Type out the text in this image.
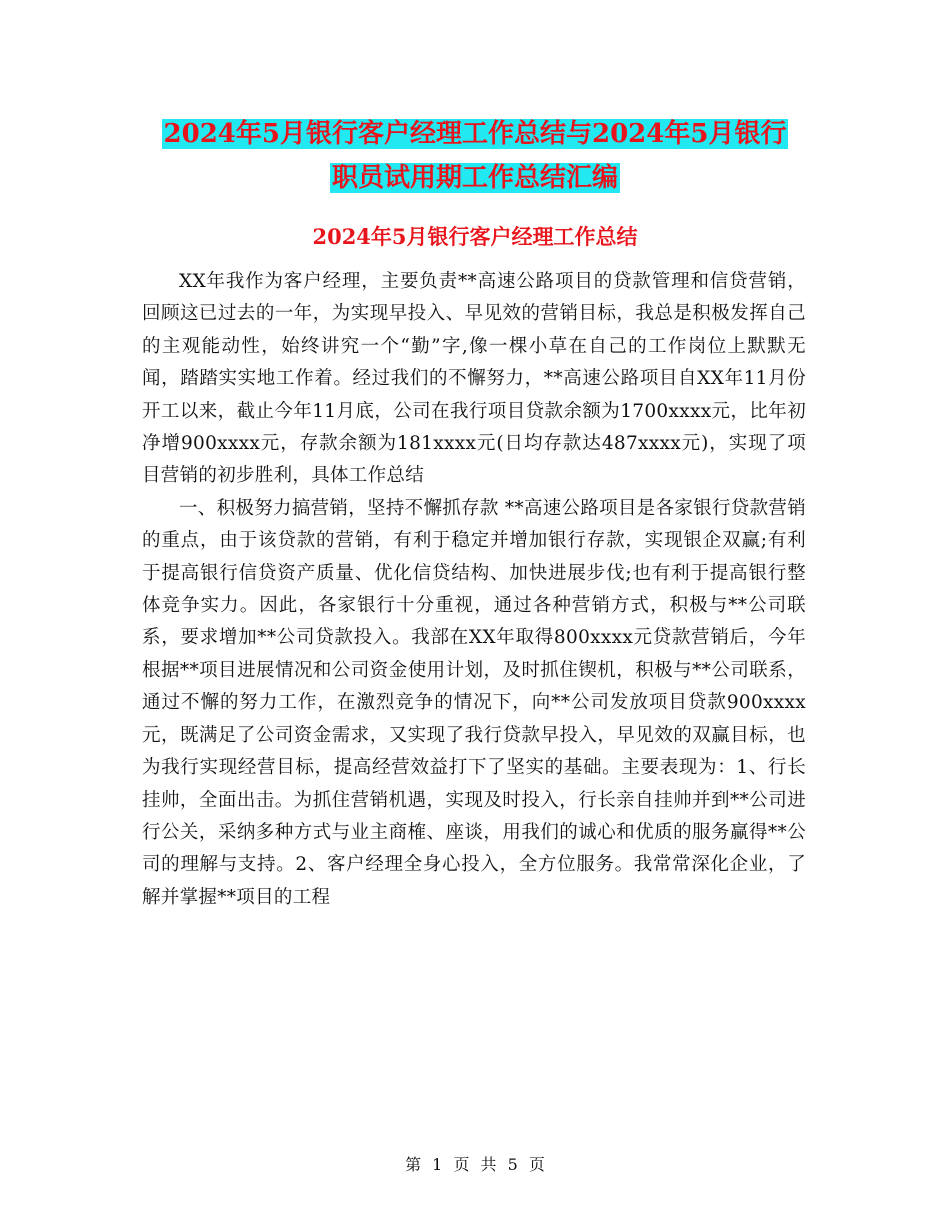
2024年5月银行客户经理工作总结与2024年5月银行
职员试用期工作总结汇编
2024年5月银行客户经理工作总结

XX年我作为客户经理，主要负责**高速公路项目的贷款管理和信贷营销，回顾这已过去的一年，为实现早投入、早见效的营销目标，我总是积极发挥自己的主观能动性，始终讲究一个“勤”字,像一棵小草在自己的工作岗位上默默无闻，踏踏实实地工作着。经过我们的不懈努力，**高速公路项目自XX年11月份开工以来，截止今年11月底，公司在我行项目贷款余额为1700xxxx元，比年初净增900xxxx元，存款余额为181xxxx元(日均存款达487xxxx元)，实现了项目营销的初步胜利，具体工作总结

一、积极努力搞营销，坚持不懈抓存款 **高速公路项目是各家银行贷款营销的重点，由于该贷款的营销，有利于稳定并增加银行存款，实现银企双赢;有利于提高银行信贷资产质量、优化信贷结构、加快进展步伐;也有利于提高银行整体竞争实力。因此，各家银行十分重视，通过各种营销方式，积极与**公司联系，要求增加**公司贷款投入。我部在XX年取得800xxxx元贷款营销后，今年根据**项目进展情况和公司资金使用计划，及时抓住锲机，积极与**公司联系，通过不懈的努力工作，在激烈竞争的情况下，向**公司发放项目贷款900xxxx元，既满足了公司资金需求，又实现了我行贷款早投入，早见效的双赢目标，也为我行实现经营目标，提高经营效益打下了坚实的基础。主要表现为：1、行长挂帅，全面出击。为抓住营销机遇，实现及时投入，行长亲自挂帅并到**公司进行公关，采纳多种方式与业主商榷、座谈，用我们的诚心和优质的服务赢得**公司的理解与支持。2、客户经理全身心投入，全方位服务。我常常深化企业，了解并掌握**项目的工程

第 1 页 共 5 页
